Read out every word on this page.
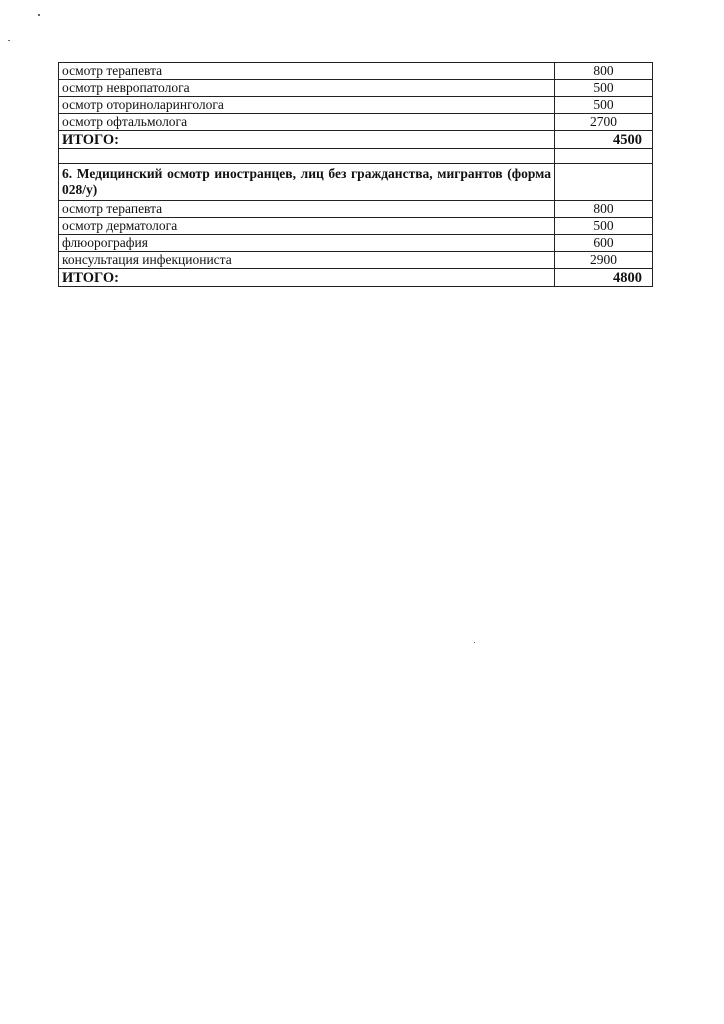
осмотр терапевта	800
осмотр невропатолога	500
осмотр оториноларинголога	500
осмотр офтальмолога	2700
ИТОГО:	4500

6. Медицинский осмотр иностранцев, лиц без гражданства, мигрантов (форма 028/у)	
осмотр терапевта	800
осмотр дерматолога	500
флюорография	600
консультация инфекциониста	2900
ИТОГО:	4800
